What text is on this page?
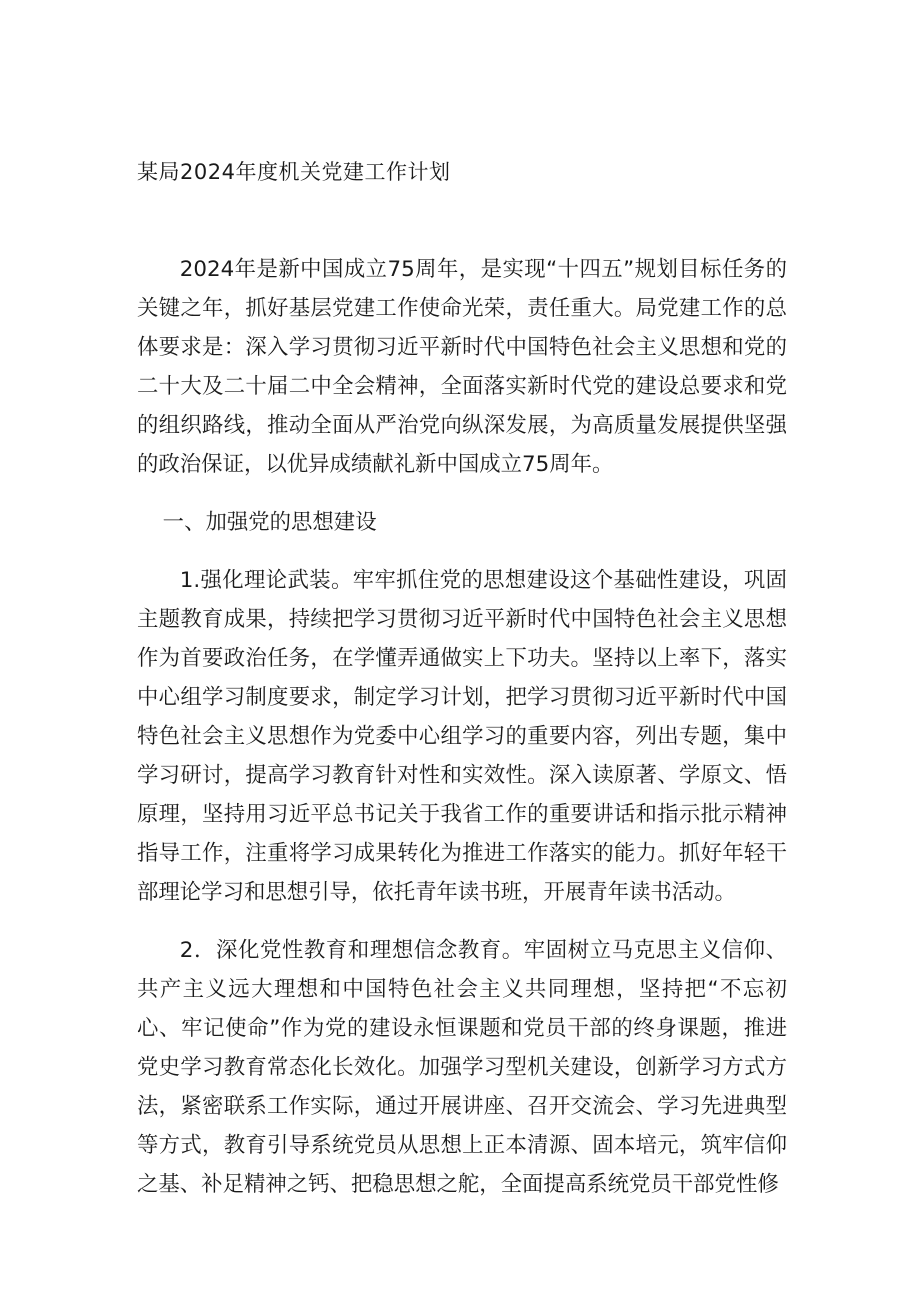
某局2024年度机关党建工作计划

2024年是新中国成立75周年，是实现“十四五”规划目标任务的关键之年，抓好基层党建工作使命光荣，责任重大。局党建工作的总体要求是：深入学习贯彻习近平新时代中国特色社会主义思想和党的二十大及二十届二中全会精神，全面落实新时代党的建设总要求和党的组织路线，推动全面从严治党向纵深发展，为高质量发展提供坚强的政治保证，以优异成绩献礼新中国成立75周年。

一、加强党的思想建设

1.强化理论武装。牢牢抓住党的思想建设这个基础性建设，巩固主题教育成果，持续把学习贯彻习近平新时代中国特色社会主义思想作为首要政治任务，在学懂弄通做实上下功夫。坚持以上率下，落实中心组学习制度要求，制定学习计划，把学习贯彻习近平新时代中国特色社会主义思想作为党委中心组学习的重要内容，列出专题，集中学习研讨，提高学习教育针对性和实效性。深入读原著、学原文、悟原理，坚持用习近平总书记关于我省工作的重要讲话和指示批示精神指导工作，注重将学习成果转化为推进工作落实的能力。抓好年轻干部理论学习和思想引导，依托青年读书班，开展青年读书活动。

2．深化党性教育和理想信念教育。牢固树立马克思主义信仰、共产主义远大理想和中国特色社会主义共同理想，坚持把“不忘初心、牢记使命”作为党的建设永恒课题和党员干部的终身课题，推进党史学习教育常态化长效化。加强学习型机关建设，创新学习方式方法，紧密联系工作实际，通过开展讲座、召开交流会、学习先进典型等方式，教育引导系统党员从思想上正本清源、固本培元，筑牢信仰之基、补足精神之钙、把稳思想之舵，全面提高系统党员干部党性修
